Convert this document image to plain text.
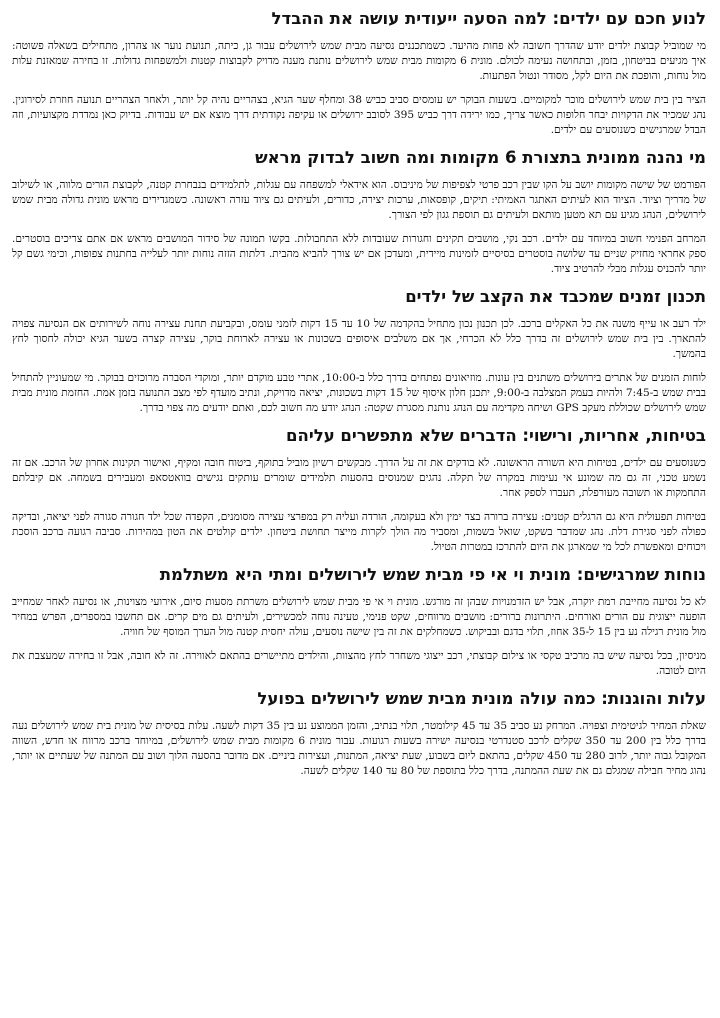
לנוע חכם עם ילדים: למה הסעה ייעודית עושה את ההבדל

מי שמוביל קבוצת ילדים יודע שהדרך חשובה לא פחות מהיעד. כשמתכננים נסיעה מבית שמש לירושלים עבור גן, כיתה, תנועת נוער או צהרון, מתחילים בשאלה פשוטה: איך מגיעים בביטחון, בזמן, ובתחושה נעימה לכולם. מונית 6 מקומות מבית שמש לירושלים נותנת מענה מדויק לקבוצות קטנות ולמשפחות גדולות. זו בחירה שמאזנת עלות מול נוחות, והופכת את היום לקל, מסודר ונטול הפתעות.

הציר בין בית שמש לירושלים מוכר למקומיים. בשעות הבוקר יש עומסים סביב כביש 38 ומחלף שער הגיא, בצהריים נהיה קל יותר, ולאחר הצהריים תנועה חוזרת לסירוגין. נהג שמכיר את הדקויות יבחר חלופות כאשר צריך, כמו ירידה דרך כביש 395 לסובב ירושלים או עקיפה נקודתית דרך מוצא אם יש עבודות. בדיוק כאן נמדדת מקצועיות, וזה הבדל שמרגישים כשנוסעים עם ילדים.

מי נהנה ממונית בתצורת 6 מקומות ומה חשוב לבדוק מראש

הפורמט של שישה מקומות יושב על הקו שבין רכב פרטי לצפיפות של מיניבוס. הוא אידאלי למשפחה עם עגלות, לתלמידים בנבחרת קטנה, לקבוצת הורים מלווה, או לשילוב של מדריך וציוד. הציוד הוא לעיתים האתגר האמיתי: תיקים, קופסאות, ערכות יצירה, כדורים, ולעיתים גם ציוד עזרה ראשונה. כשמגדירים מראש מונית גדולה מבית שמש לירושלים, הנהג מגיע עם תא מטען מותאם ולעיתים גם תוספת גגון לפי הצורך.

המרחב הפנימי חשוב במיוחד עם ילדים. רכב נקי, מושבים תקינים וחגורות שעובדות ללא התחבולות. בקשו תמונה של סידור המושבים מראש אם אתם צריכים בוסטרים. ספק אחראי מחזיק שניים עד שלושה בוסטרים בסיסיים לזמינות מיידית, ומעדכן אם יש צורך להביא מהבית. דלתות הזזה נוחות יותר לעלייה בחתנות צפופות, וכימי גשם קל יותר להכניס עגלות מבלי להרטיב ציוד.

תכנון זמנים שמכבד את הקצב של ילדים

ילד רעב או עייף משנה את כל האקלים ברכב. לכן תכנון נכון מתחיל בהקדמה של 10 עד 15 דקות לזמני עומס, ובקביעת תחנת עצירה נוחה לשירותים אם הנסיעה צפויה להתארך. בין בית שמש לירושלים זה בדרך כלל לא הכרחי, אך אם משלבים איסופים בשכונות או עצירה לארוחת בוקר, עצירה קצרה בשער הגיא יכולה לחסוך לחץ בהמשך.

לוחות הזמנים של אתרים בירושלים משתנים בין עונות. מוזיאונים נפתחים בדרך כלל ב-10:00, אתרי טבע מוקדם יותר, ומוקדי הסברה מרוכזים בבוקר. מי שמעוניין להתחיל בבית שמש ב-7:45 ולהיות בעמק המצלבה ב-9:00, יתכנן חלון איסוף של 15 דקות בשכונות, יציאה מדויקת, ונתיב מועדף לפי מצב התנועה בזמן אמת. החזמת מונית מבית שמש לירושלים שכוללת מעקב GPS ושיחה מקדימה עם הנהג נותנת מסגרת שקטה: הנהג יודע מה חשוב לכם, ואתם יודעים מה צפוי בדרך.

בטיחות, אחריות, ורישוי: הדברים שלא מתפשרים עליהם

כשנוסעים עם ילדים, בטיחות היא השורה הראשונה. לא בודקים את זה על הדרך. מבקשים רשיון מוביל בתוקף, ביטוח חובה ומקיף, ואישור תקינות אחרון של הרכב. אם זה נשמע טכני, זה גם מה שמונע אי נעימות במקרה של תקלה. נהגים שמנוסים בהסעות תלמידים שומרים עותקים נגישים בוואטסאפ ומעבירים בשמחה. אם קיבלתם התחמקות או תשובה מעורפלת, תעברו לספק אחר.

בטיחות תפעולית היא גם הרגלים קטנים: עצירה ברורה בצד ימין ולא בעקומה, הורדה ועליה רק במפרצי עצירה מסומנים, הקפדה שכל ילד חגורה סגורה לפני יציאה, ובדיקה כפולה לפני סגירת דלת. נהג שמדבר בשקט, שואל בשמות, ומסביר מה הולך לקרות מייצר תחושת ביטחון. ילדים קולטים את הטון במהירות. סביבה רגועה ברכב הוסכת ויכוחים ומאפשרת לכל מי שמארגן את היום להתרכז במטרות הטיול.

נוחות שמרגישים: מונית וי אי פי מבית שמש לירושלים ומתי היא משתלמת

לא כל נסיעה מחייבת רמת יוקרה, אבל יש הזדמנויות שבהן זה מורגש. מונית וי אי פי מבית שמש לירושלים משרתת מסעות סיום, אירועי מצוינות, או נסיעה לאחר שמחייב הופעה ייצוגית עם הורים ואורחים. היתרונות ברורים: מושבים מרווחים, שקט פנימי, טעינה נוחה למכשירים, ולעיתים גם מים קרים. אם תחשבו במספרים, הפרש במחיר מול מונית רגילה נע בין 15 ל-35 אחוז, תלוי בדגם ובביקוש. כשמחלקים את זה בין שישה נוסעים, עולה יחסית קטנה מול הערך המוסף של חוויה.

מניסיון, בכל נסיעה שיש בה מרכיב טקסי או צילום קבוצתי, רכב ייצוגי משחרר לחץ מהצוות, והילדים מתיישרים בהתאם לאווירה. זה לא חובה, אבל זו בחירה שמעצבת את היום לטובה.

עלות והוגנות: כמה עולה מונית מבית שמש לירושלים בפועל

שאלת המחיר לגיטימית וצפויה. המרחק נע סביב 35 עד 45 קילומטר, תלוי בנתיב, והזמן הממוצע נע בין 35 דקות לשעה. עלות בסיסית של מונית בית שמש לירושלים נעה בדרך כלל בין 200 עד 350 שקלים לרכב סטנדרטי בנסיעה ישירה בשעות רגועות. עבור מונית 6 מקומות מבית שמש לירושלים, במיוחד ברכב מרווח או חדש, השווה המקובל גבוה יותר, לרוב 280 עד 450 שקלים, בהתאם ליום בשבוע, שעת יציאה, המתנות, ועצירות ביניים. אם מדובר בהסעה הלוך ושוב עם המתנה של שעתיים או יותר, נהוג מחיר חבילה שמגלם גם את שעת ההמתנה, בדרך כלל בתוספת של 80 עד 140 שקלים לשעה.
